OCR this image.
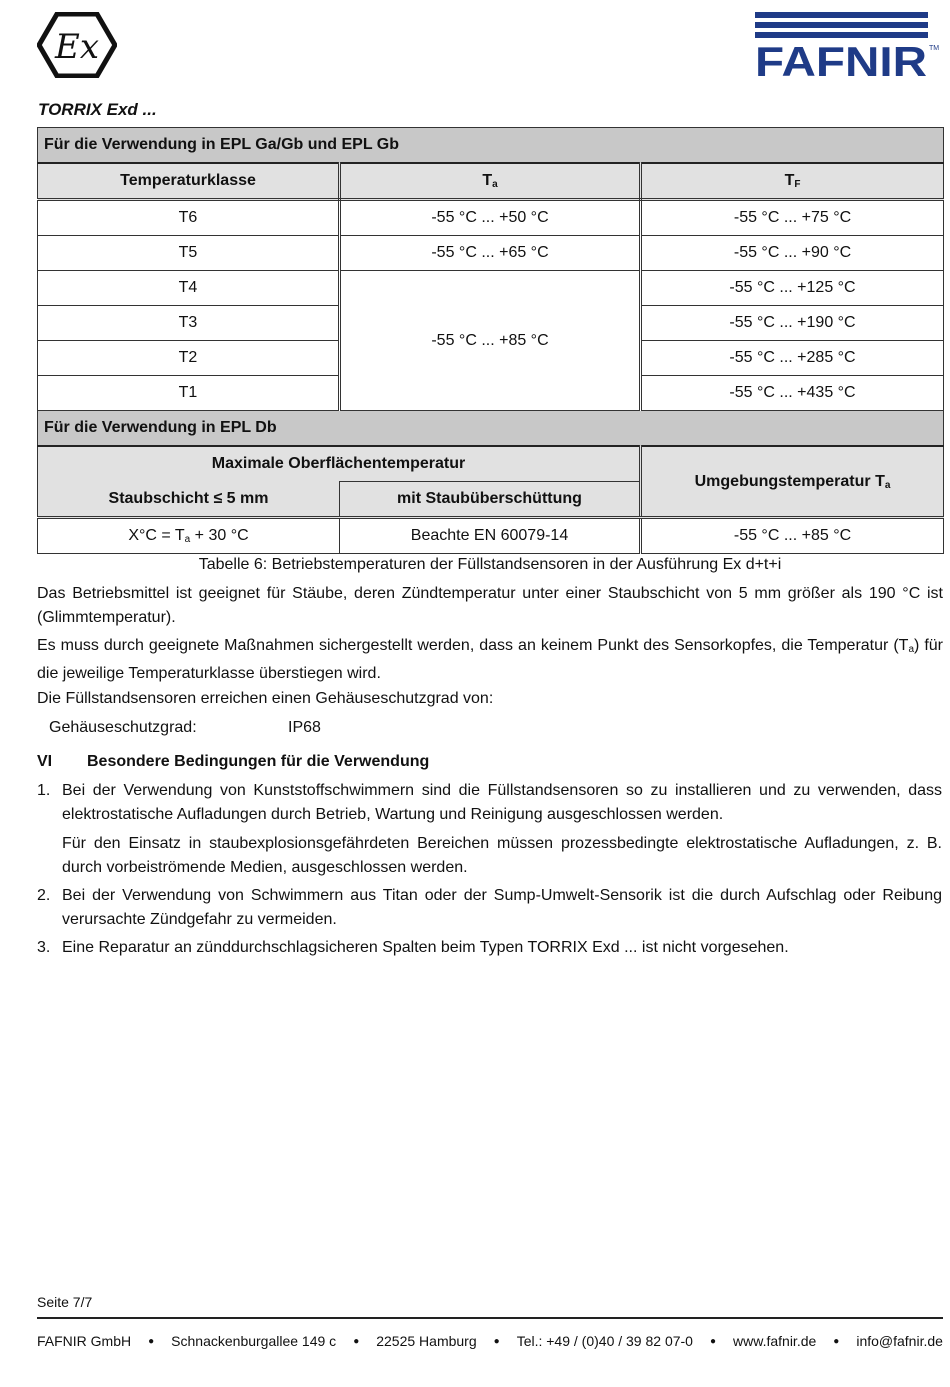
Ex	FAFNIR TM
TORRIX Exd ...
Für die Verwendung in EPL Ga/Gb und EPL Gb		
Temperaturklasse	$T_a$	$T_F$
T6	-55 °C ... +50 °C	-55 °C ... +75 °C
T5	-55 °C ... +65 °C	-55 °C ... +90 °C
T4	-55 °C ... +85 °C	-55 °C ... +125 °C
T3		-55 °C ... +190 °C
T2		-55 °C ... +285 °C
T1		-55 °C ... +435 °C
Für die Verwendung in EPL Db		
Maximale Oberflächentemperatur		Umgebungstemperatur $T_a$
Staubschicht ≤ 5 mm	mit Staubüberschüttung	
$X^\circ C = T_a + 30$ °C	Beachte EN 60079-14	-55 °C ... +85 °C
Tabelle 6: Betriebstemperaturen der Füllstandsensoren in der Ausführung Ex d+t+i
Das Betriebsmittel ist geeignet für Stäube, deren Zündtemperatur unter einer Staubschicht von 5 mm größer als 190 °C ist (Glimmtemperatur).
Es muss durch geeignete Maßnahmen sichergestellt werden, dass an keinem Punkt des Sensorkopfes, die Temperatur $(T_a)$ für die jeweilige Temperaturklasse überstiegen wird.
Die Füllstandsensoren erreichen einen Gehäuseschutzgrad von:
Gehäuseschutzgrad:	IP68
VI Besondere Bedingungen für die Verwendung
1. Bei der Verwendung von Kunststoffschwimmern sind die Füllstandsensoren so zu installieren und zu verwenden, dass elektrostatische Aufladungen durch Betrieb, Wartung und Reinigung ausgeschlossen werden.
Für den Einsatz in staubexplosionsgefährdeten Bereichen müssen prozessbedingte elektrostatische Aufladungen, z. B. durch vorbeiströmende Medien, ausgeschlossen werden.
2. Bei der Verwendung von Schwimmern aus Titan oder der Sump-Umwelt-Sensorik ist die durch Aufschlag oder Reibung verursachte Zündgefahr zu vermeiden.
3. Eine Reparatur an zünddurchschlagsicheren Spalten beim Typen TORRIX Exd ... ist nicht vorgesehen.
Seite 7/7
FAFNIR GmbH ● Schnackenburgallee 149 c ● 22525 Hamburg ● Tel.: +49 / (0)40 / 39 82 07-0 ● www.fafnir.de ● info@fafnir.de
